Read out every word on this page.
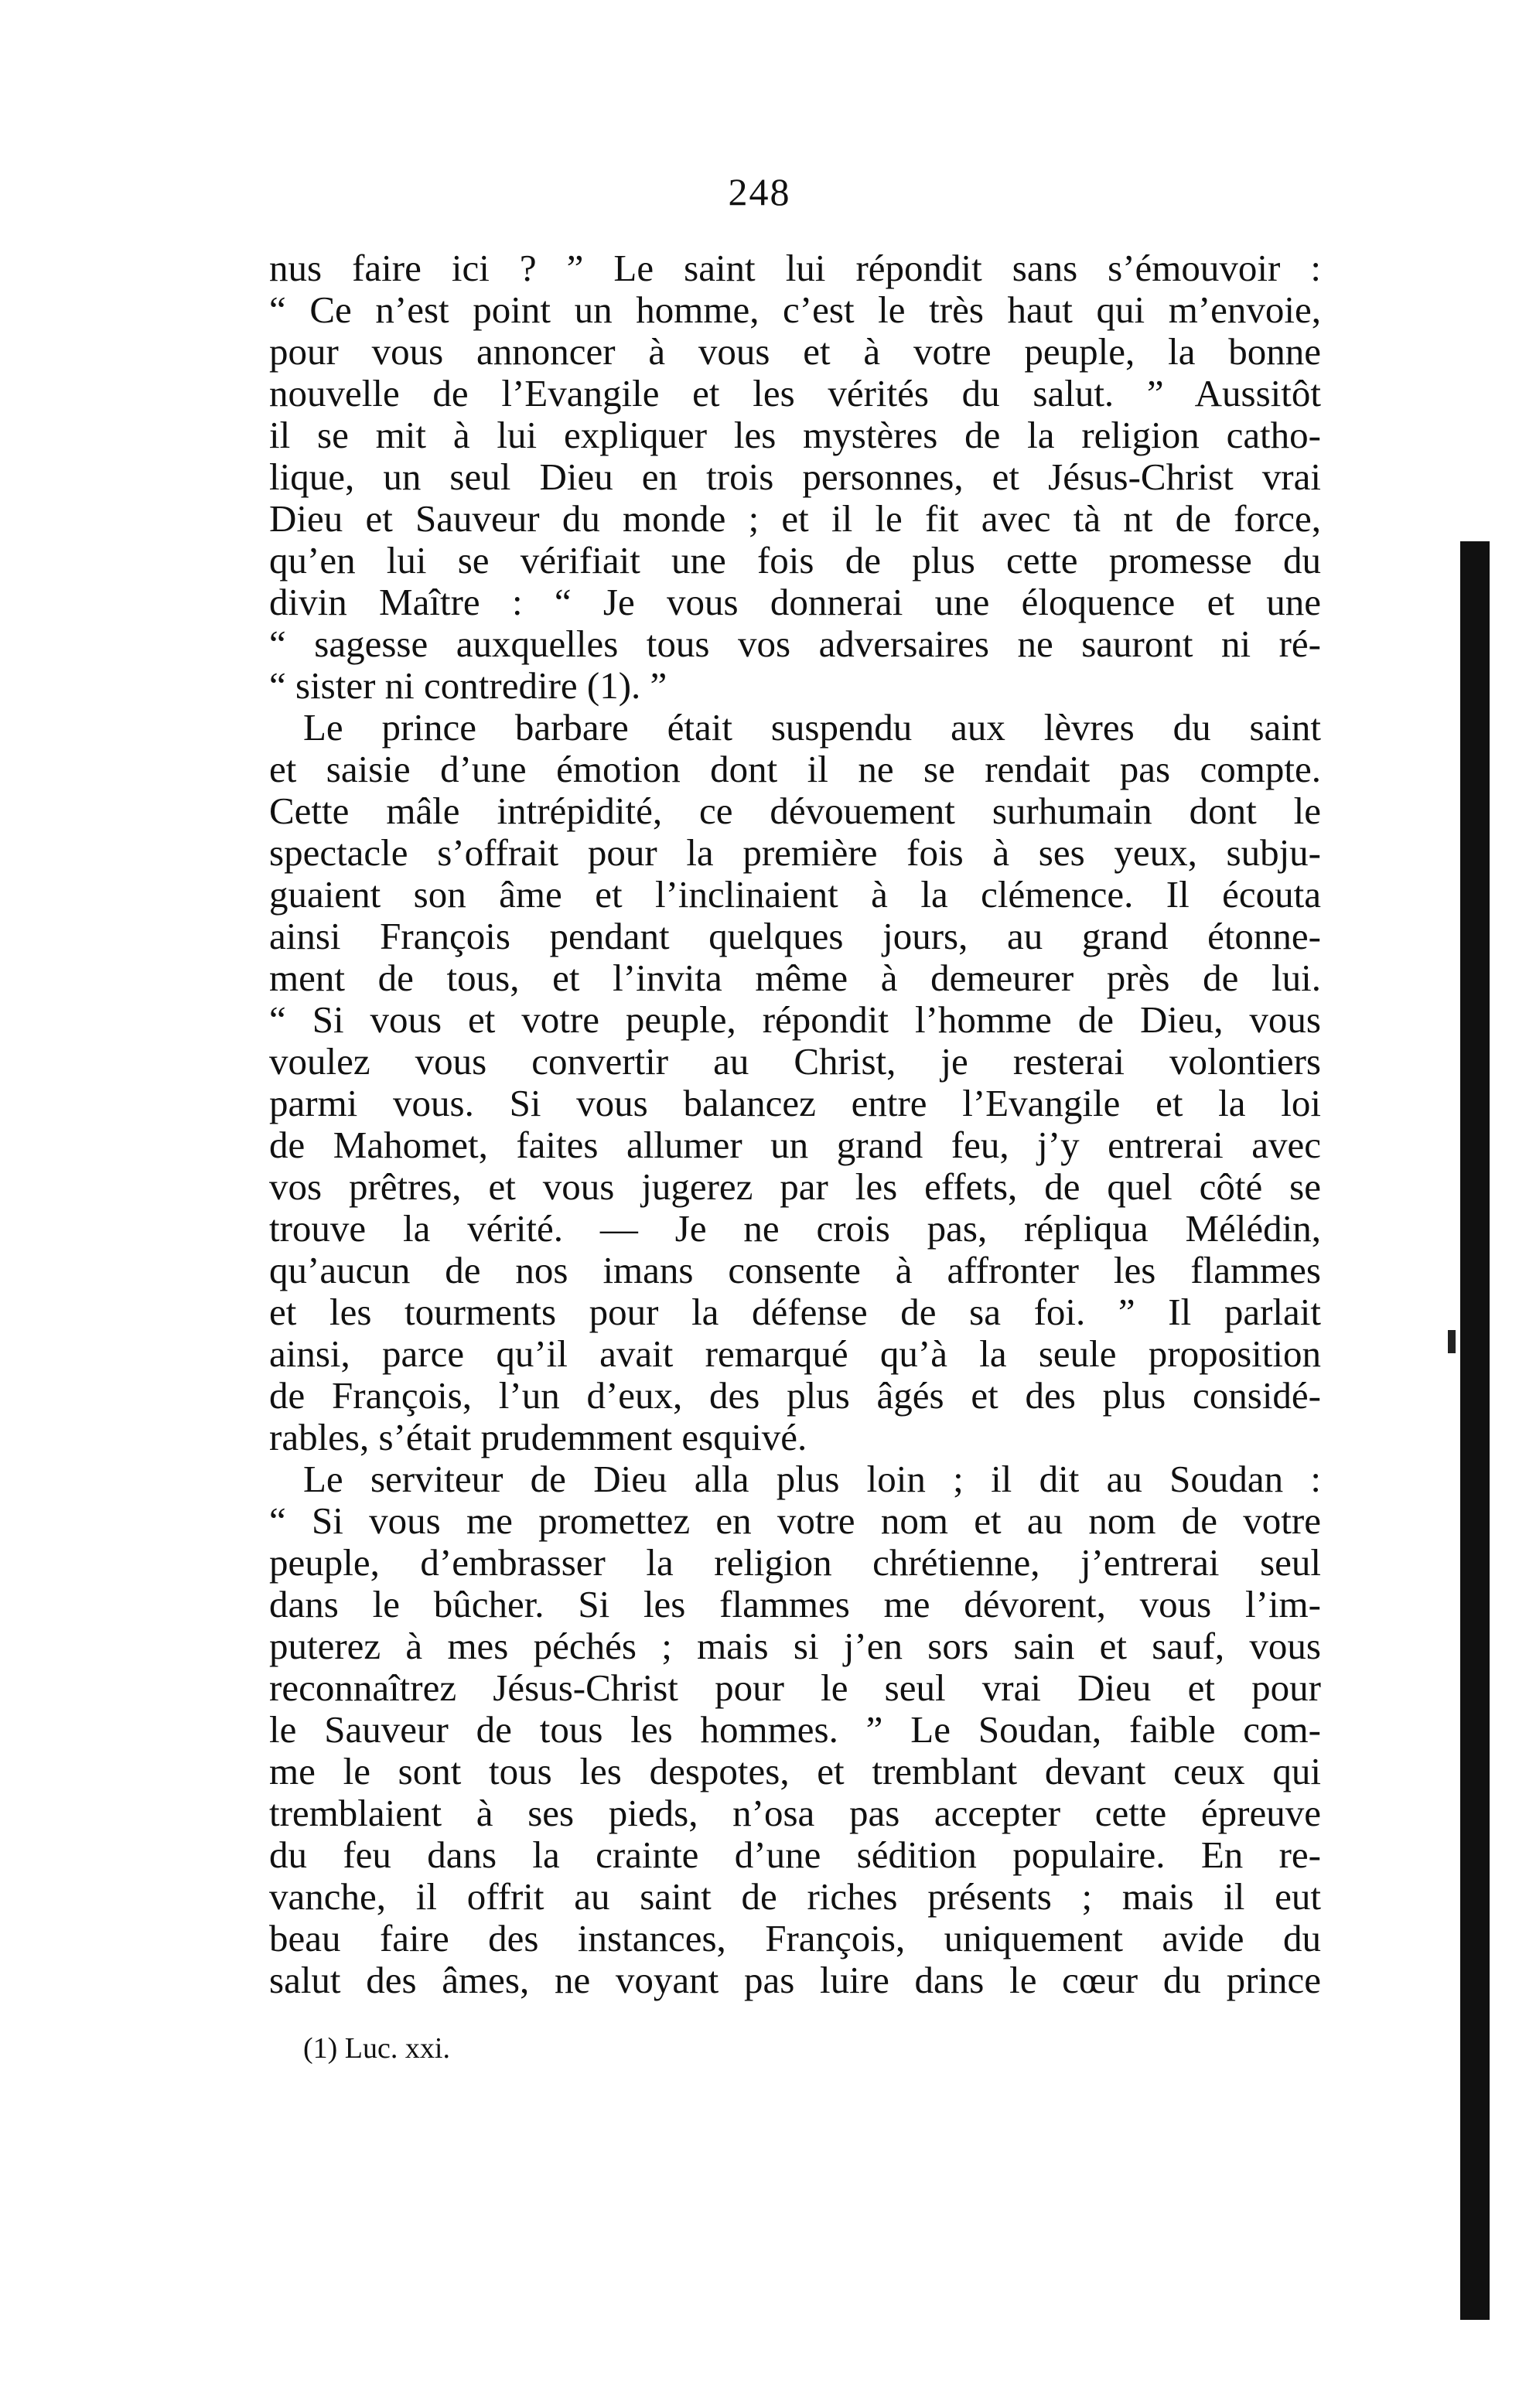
248
nus faire ici ? ” Le saint lui répondit sans s’émouvoir :
“ Ce n’est point un homme, c’est le très haut qui m’envoie,
pour vous annoncer à vous et à votre peuple, la bonne
nouvelle de l’Evangile et les vérités du salut. ” Aussitôt
il se mit à lui expliquer les mystères de la religion catho-
lique, un seul Dieu en trois personnes, et Jésus-Christ vrai
Dieu et Sauveur du monde ; et il le fit avec tà nt de force,
qu’en lui se vérifiait une fois de plus cette promesse du
divin Maître : “ Je vous donnerai une éloquence et une
“ sagesse auxquelles tous vos adversaires ne sauront ni ré-
“ sister ni contredire (1). ”
Le prince barbare était suspendu aux lèvres du saint
et saisie d’une émotion dont il ne se rendait pas compte.
Cette mâle intrépidité, ce dévouement surhumain dont le
spectacle s’offrait pour la première fois à ses yeux, subju-
guaient son âme et l’inclinaient à la clémence. Il écouta
ainsi François pendant quelques jours, au grand étonne-
ment de tous, et l’invita même à demeurer près de lui.
“ Si vous et votre peuple, répondit l’homme de Dieu, vous
voulez vous convertir au Christ, je resterai volontiers
parmi vous. Si vous balancez entre l’Evangile et la loi
de Mahomet, faites allumer un grand feu, j’y entrerai avec
vos prêtres, et vous jugerez par les effets, de quel côté se
trouve la vérité. — Je ne crois pas, répliqua Mélédin,
qu’aucun de nos imans consente à affronter les flammes
et les tourments pour la défense de sa foi. ” Il parlait
ainsi, parce qu’il avait remarqué qu’à la seule proposition
de François, l’un d’eux, des plus âgés et des plus considé-
rables, s’était prudemment esquivé.
Le serviteur de Dieu alla plus loin ; il dit au Soudan :
“ Si vous me promettez en votre nom et au nom de votre
peuple, d’embrasser la religion chrétienne, j’entrerai seul
dans le bûcher. Si les flammes me dévorent, vous l’im-
puterez à mes péchés ; mais si j’en sors sain et sauf, vous
reconnaîtrez Jésus-Christ pour le seul vrai Dieu et pour
le Sauveur de tous les hommes. ” Le Soudan, faible com-
me le sont tous les despotes, et tremblant devant ceux qui
tremblaient à ses pieds, n’osa pas accepter cette épreuve
du feu dans la crainte d’une sédition populaire. En re-
vanche, il offrit au saint de riches présents ; mais il eut
beau faire des instances, François, uniquement avide du
salut des âmes, ne voyant pas luire dans le cœur du prince
(1) Luc. xxi.
